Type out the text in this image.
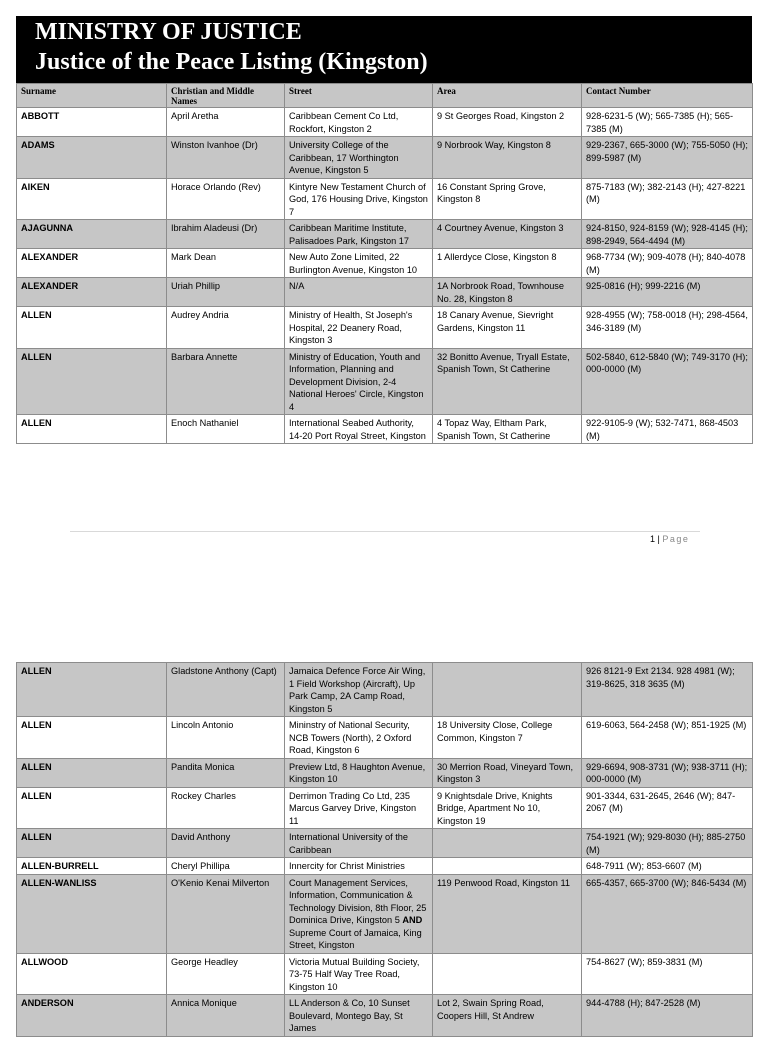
MINISTRY OF JUSTICE
Justice of the Peace Listing (Kingston)
Surname	Christian and Middle Names	Street	Area	Contact Number
ABBOTT	April Aretha	Caribbean Cement Co Ltd, Rockfort, Kingston 2	9 St Georges Road, Kingston 2	928-6231-5 (W); 565-7385 (H); 565-7385 (M)
ADAMS	Winston Ivanhoe (Dr)	University College of the Caribbean, 17 Worthington Avenue, Kingston 5	9 Norbrook Way, Kingston 8	929-2367, 665-3000 (W); 755-5050 (H); 899-5987 (M)
AIKEN	Horace Orlando (Rev)	Kintyre New Testament Church of God, 176 Housing Drive, Kingston 7	16 Constant Spring Grove, Kingston 8	875-7183 (W); 382-2143 (H); 427-8221 (M)
AJAGUNNA	Ibrahim Aladeusi (Dr)	Caribbean Maritime Institute, Palisadoes Park, Kingston 17	4 Courtney Avenue, Kingston 3	924-8150, 924-8159 (W); 928-4145 (H); 898-2949, 564-4494 (M)
ALEXANDER	Mark Dean	New Auto Zone Limited, 22 Burlington Avenue, Kingston 10	1 Allerdyce Close, Kingston 8	968-7734 (W); 909-4078 (H); 840-4078 (M)
ALEXANDER	Uriah Phillip	N/A	1A Norbrook Road, Townhouse No. 28, Kingston 8	925-0816 (H); 999-2216 (M)
ALLEN	Audrey Andria	Ministry of Health, St Joseph's Hospital, 22 Deanery Road, Kingston 3	18 Canary Avenue, Sievright Gardens, Kingston 11	928-4955 (W); 758-0018 (H); 298-4564, 346-3189 (M)
ALLEN	Barbara Annette	Ministry of Education, Youth and Information, Planning and Development Division, 2-4 National Heroes' Circle, Kingston 4	32 Bonitto Avenue, Tryall Estate, Spanish Town, St Catherine	502-5840, 612-5840 (W); 749-3170 (H); 000-0000 (M)
ALLEN	Enoch Nathaniel	International Seabed Authority, 14-20 Port Royal Street, Kingston	4 Topaz Way, Eltham Park, Spanish Town, St Catherine	922-9105-9 (W); 532-7471, 868-4503 (M)
1 | Page
ALLEN	Gladstone Anthony (Capt)	Jamaica Defence Force Air Wing, 1 Field Workshop (Aircraft), Up Park Camp, 2A Camp Road, Kingston 5		926 8121-9 Ext 2134. 928 4981 (W); 319-8625, 318 3635 (M)
ALLEN	Lincoln Antonio	Mininstry of National Security, NCB Towers (North), 2 Oxford Road, Kingston 6	18 University Close, College Common, Kingston 7	619-6063, 564-2458 (W); 851-1925 (M)
ALLEN	Pandita Monica	Preview Ltd, 8 Haughton Avenue, Kingston 10	30 Merrion Road, Vineyard Town, Kingston 3	929-6694, 908-3731 (W); 938-3711 (H); 000-0000 (M)
ALLEN	Rockey Charles	Derrimon Trading Co Ltd, 235 Marcus Garvey Drive, Kingston 11	9 Knightsdale Drive, Knights Bridge, Apartment No 10, Kingston 19	901-3344, 631-2645, 2646 (W); 847-2067 (M)
ALLEN	David Anthony	International University of the Caribbean		754-1921 (W); 929-8030 (H); 885-2750 (M)
ALLEN-BURRELL	Cheryl Phillipa	Innercity for Christ Ministries		648-7911 (W); 853-6607 (M)
ALLEN-WANLISS	O'Kenio Kenai Milverton	Court Management Services, Information, Communication & Technology Division, 8th Floor, 25 Dominica Drive, Kingston 5 AND Supreme Court of Jamaica, King Street, Kingston	119 Penwood Road, Kingston 11	665-4357, 665-3700 (W); 846-5434 (M)
ALLWOOD	George Headley	Victoria Mutual Building Society, 73-75 Half Way Tree Road, Kingston 10		754-8627 (W); 859-3831 (M)
ANDERSON	Annica Monique	LL Anderson & Co, 10 Sunset Boulevard, Montego Bay, St James	Lot 2, Swain Spring Road, Coopers Hill, St Andrew	944-4788 (H); 847-2528 (M)
